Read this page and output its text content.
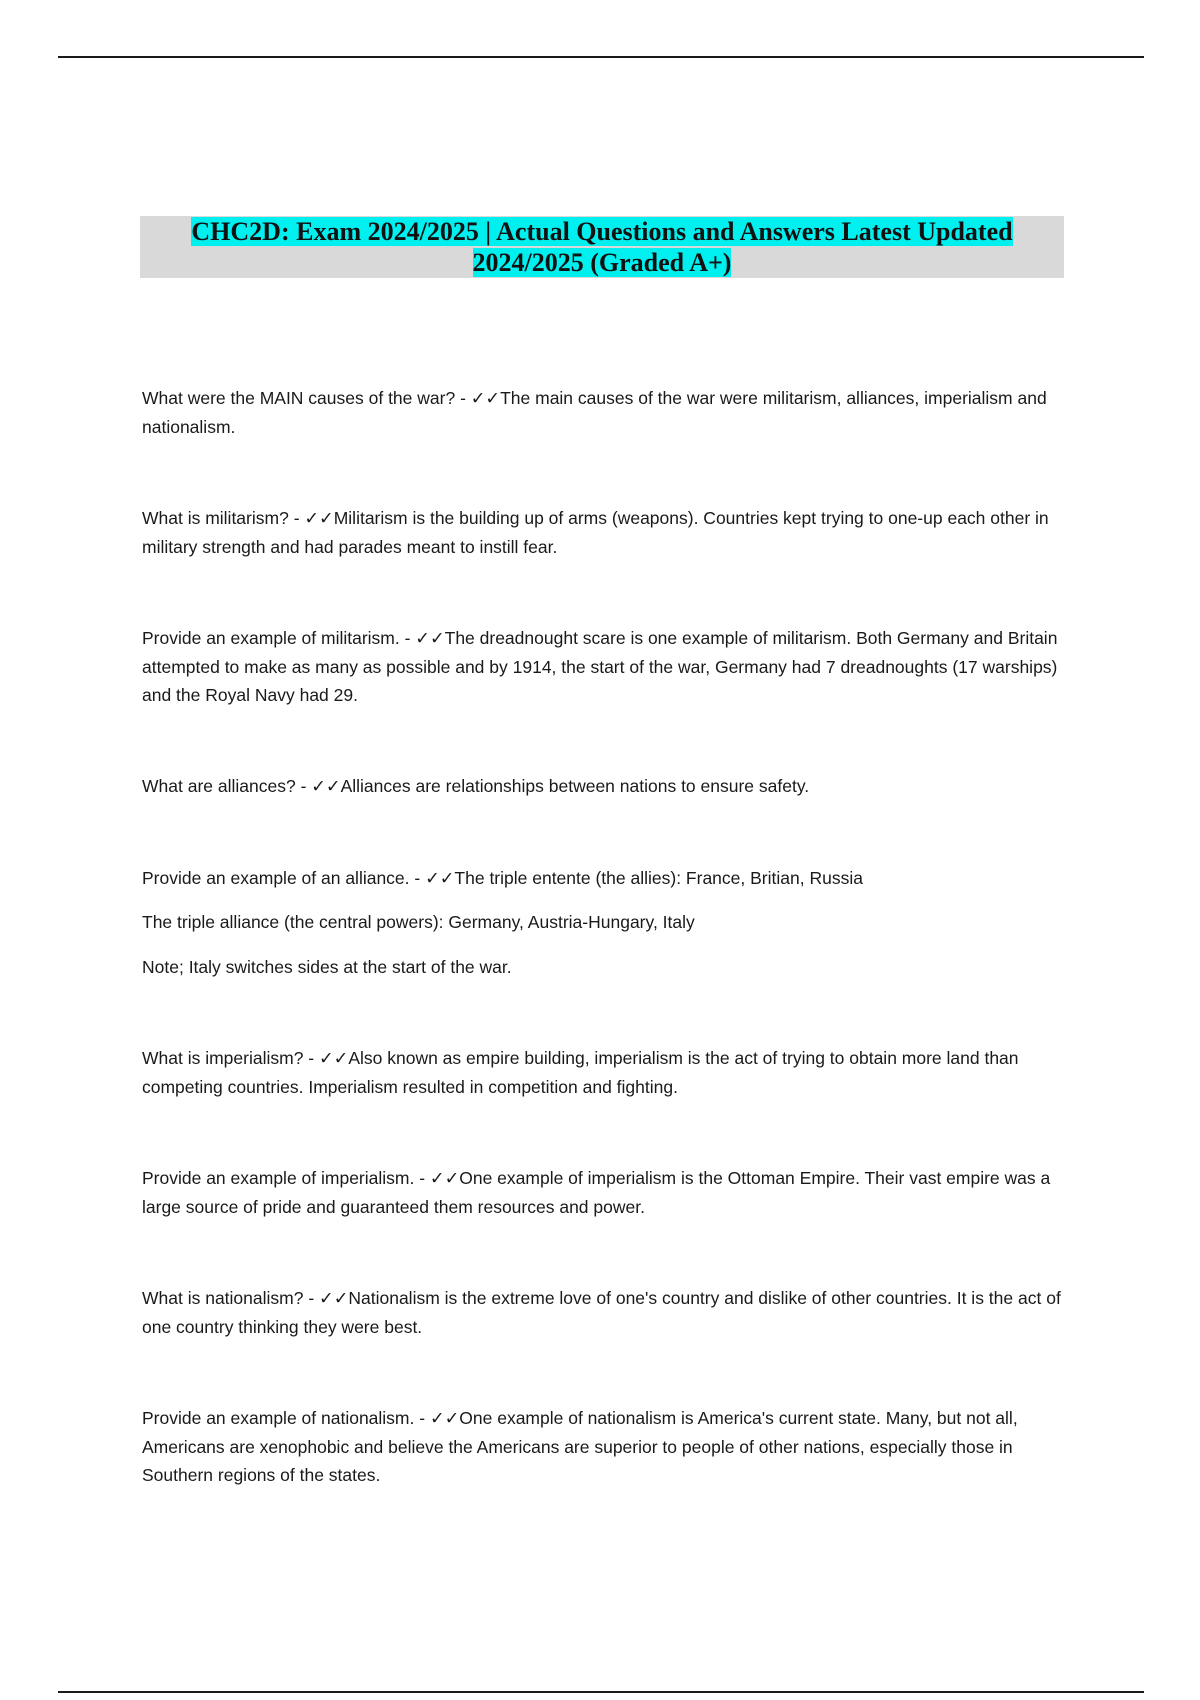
CHC2D: Exam 2024/2025 | Actual Questions and Answers Latest Updated
2024/2025 (Graded A+)

What were the MAIN causes of the war? - ✓✓The main causes of the war were militarism, alliances, imperialism and nationalism.

What is militarism? - ✓✓Militarism is the building up of arms (weapons). Countries kept trying to one-up each other in military strength and had parades meant to instill fear.

Provide an example of militarism. - ✓✓The dreadnought scare is one example of militarism. Both Germany and Britain attempted to make as many as possible and by 1914, the start of the war, Germany had 7 dreadnoughts (17 warships) and the Royal Navy had 29.

What are alliances? - ✓✓Alliances are relationships between nations to ensure safety.

Provide an example of an alliance. - ✓✓The triple entente (the allies): France, Britian, Russia

The triple alliance (the central powers): Germany, Austria-Hungary, Italy

Note; Italy switches sides at the start of the war.

What is imperialism? - ✓✓Also known as empire building, imperialism is the act of trying to obtain more land than competing countries. Imperialism resulted in competition and fighting.

Provide an example of imperialism. - ✓✓One example of imperialism is the Ottoman Empire. Their vast empire was a large source of pride and guaranteed them resources and power.

What is nationalism? - ✓✓Nationalism is the extreme love of one's country and dislike of other countries. It is the act of one country thinking they were best.

Provide an example of nationalism. - ✓✓One example of nationalism is America's current state. Many, but not all, Americans are xenophobic and believe the Americans are superior to people of other nations, especially those in Southern regions of the states.
